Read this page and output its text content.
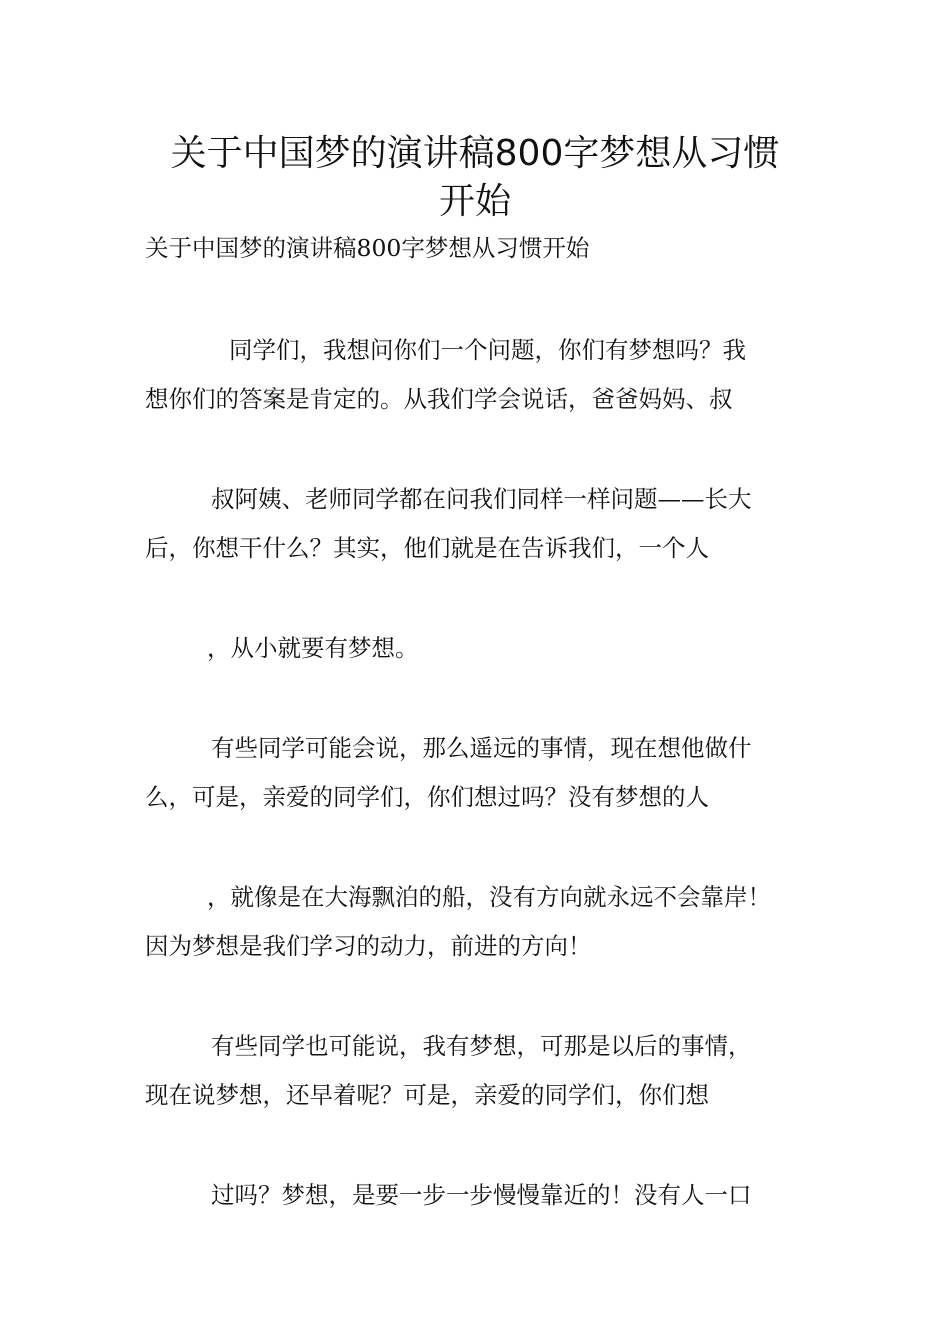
关于中国梦的演讲稿800字梦想从习惯
开始

关于中国梦的演讲稿800字梦想从习惯开始

同学们，我想问你们一个问题，你们有梦想吗？我

想你们的答案是肯定的。从我们学会说话，爸爸妈妈、叔

叔阿姨、老师同学都在问我们同样一样问题——长大

后，你想干什么？其实，他们就是在告诉我们，一个人

，从小就要有梦想。

有些同学可能会说，那么遥远的事情，现在想他做什

么，可是，亲爱的同学们，你们想过吗？没有梦想的人

，就像是在大海飘泊的船，没有方向就永远不会靠岸！

因为梦想是我们学习的动力，前进的方向！

有些同学也可能说，我有梦想，可那是以后的事情，

现在说梦想，还早着呢？可是，亲爱的同学们，你们想

过吗？梦想，是要一步一步慢慢靠近的！没有人一口
